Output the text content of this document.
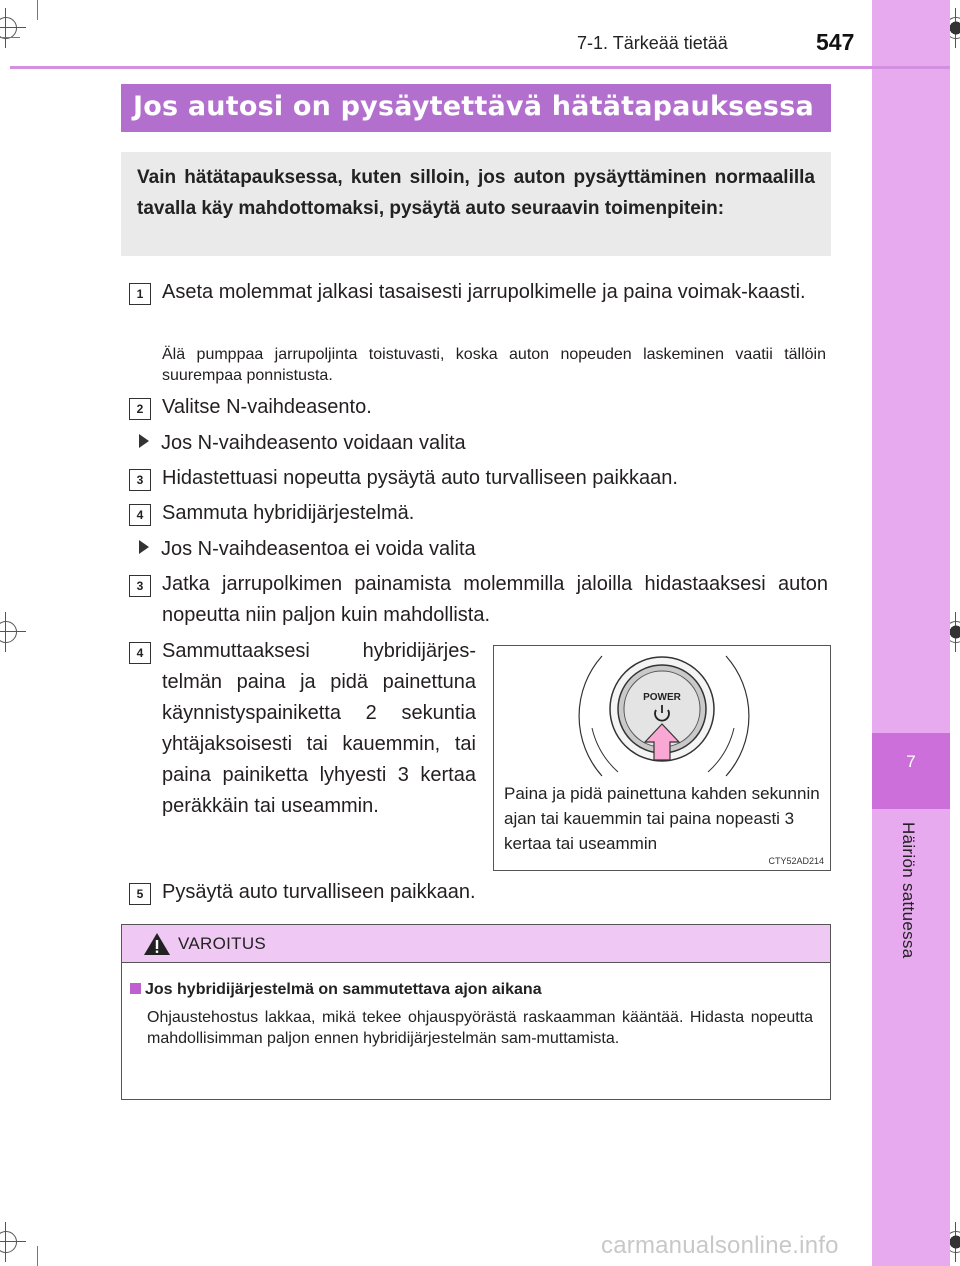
7
Häiriön sattuessa
7-1. Tärkeää tietää	547
Jos autosi on pysäytettävä hätätapauksessa

Vain hätätapauksessa, kuten silloin, jos auton pysäyttäminen normaalilla tavalla käy mahdottomaksi, pysäytä auto seuraavin toimenpitein:

1 Aseta molemmat jalkasi tasaisesti jarrupolkimelle ja paina voimak-kaasti.
Älä pumppaa jarrupoljinta toistuvasti, koska auton nopeuden laskeminen vaatii tällöin suurempaa ponnistusta.
2 Valitse N-vaihdeasento.
Jos N-vaihdeasento voidaan valita
3 Hidastettuasi nopeutta pysäytä auto turvalliseen paikkaan.
4 Sammuta hybridijärjestelmä.
Jos N-vaihdeasentoa ei voida valita
3 Jatka jarrupolkimen painamista molemmilla jaloilla hidastaaksesi auton nopeutta niin paljon kuin mahdollista.
4 Sammuttaaksesi hybridijärjes-telmän paina ja pidä painettuna käynnistyspainiketta 2 sekuntia yhtäjaksoisesti tai kauemmin, tai paina painiketta lyhyesti 3 kertaa peräkkäin tai useammin.
POWER
Paina ja pidä painettuna kahden sekunnin ajan tai kauemmin tai paina nopeasti 3 kertaa tai useammin
CTY52AD214
5 Pysäytä auto turvalliseen paikkaan.
VAROITUS
Jos hybridijärjestelmä on sammutettava ajon aikana
Ohjaustehostus lakkaa, mikä tekee ohjauspyörästä raskaamman kääntää. Hidasta nopeutta mahdollisimman paljon ennen hybridijärjestelmän sam-muttamista.
carmanualsonline.info
